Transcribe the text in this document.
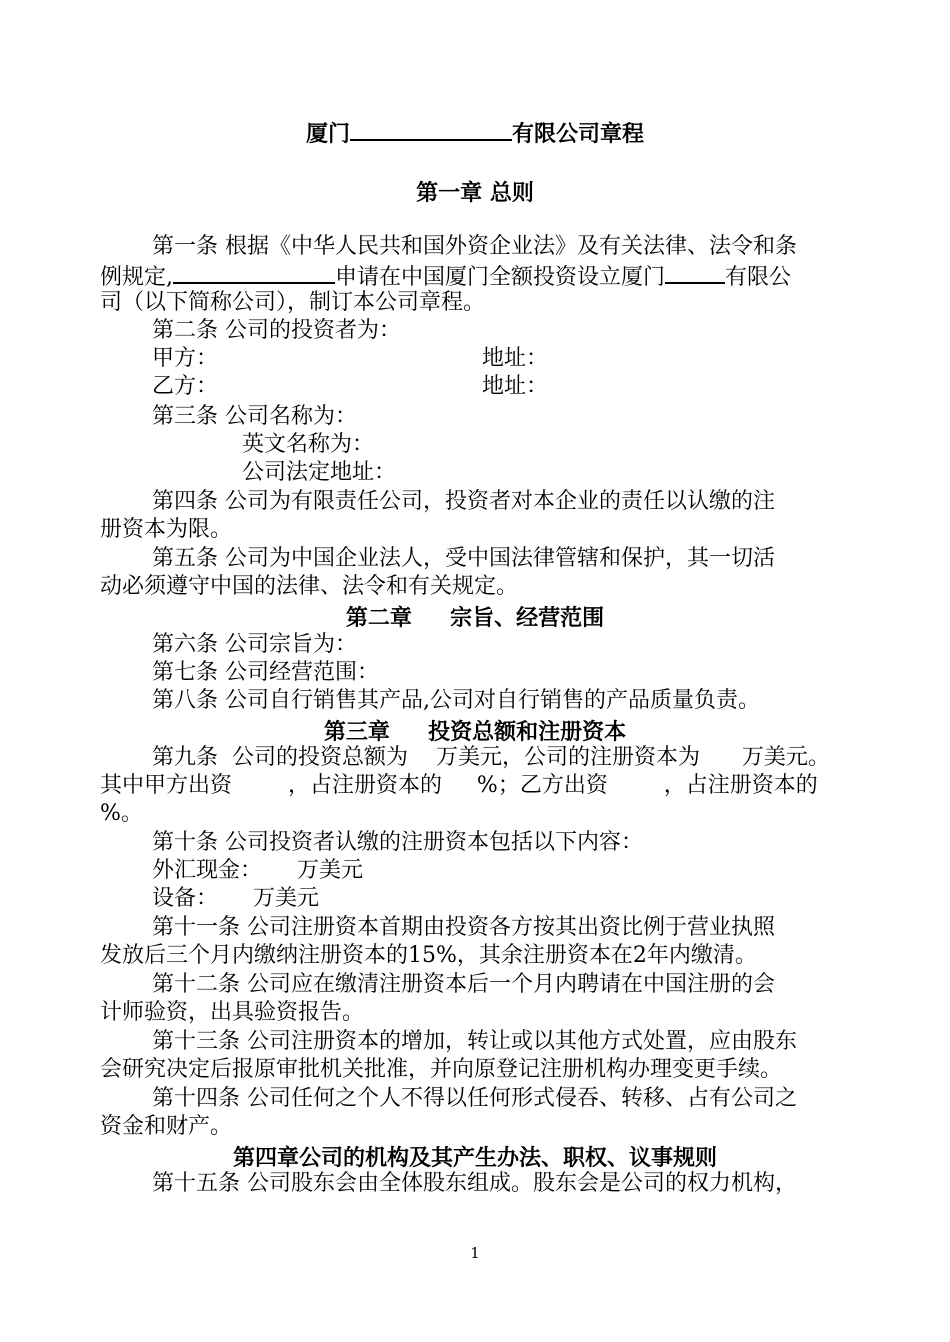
厦门	有限公司章程
第一章 总则
第一条 根据《中华人民共和国外资企业法》及有关法律、法令和条
例规定,	申请在中国厦门全额投资设立厦门	有限公
司（以下简称公司），制订本公司章程。
第二条 公司的投资者为：
甲方：	地址：
乙方：	地址：
第三条 公司名称为：
英文名称为：
公司法定地址：
第四条 公司为有限责任公司，投资者对本企业的责任以认缴的注
册资本为限。
第五条 公司为中国企业法人，受中国法律管辖和保护，其一切活
动必须遵守中国的法律、法令和有关规定。
第二章     宗旨、经营范围
第六条 公司宗旨为：
第七条 公司经营范围：
第八条 公司自行销售其产品,公司对自行销售的产品质量负责。
第三章     投资总额和注册资本
第九条  公司的投资总额为    万美元，公司的注册资本为      万美元。
其中甲方出资        ，占注册资本的     %；乙方出资        ，占注册资本的
%。
第十条 公司投资者认缴的注册资本包括以下内容：
外汇现金：     万美元
设备：     万美元
第十一条 公司注册资本首期由投资各方按其出资比例于营业执照
发放后三个月内缴纳注册资本的15%，其余注册资本在2年内缴清。
第十二条 公司应在缴清注册资本后一个月内聘请在中国注册的会
计师验资，出具验资报告。
第十三条 公司注册资本的增加，转让或以其他方式处置，应由股东
会研究决定后报原审批机关批准，并向原登记注册机构办理变更手续。
第十四条 公司任何之个人不得以任何形式侵吞、转移、占有公司之
资金和财产。
第四章公司的机构及其产生办法、职权、议事规则
第十五条 公司股东会由全体股东组成。股东会是公司的权力机构，
1
